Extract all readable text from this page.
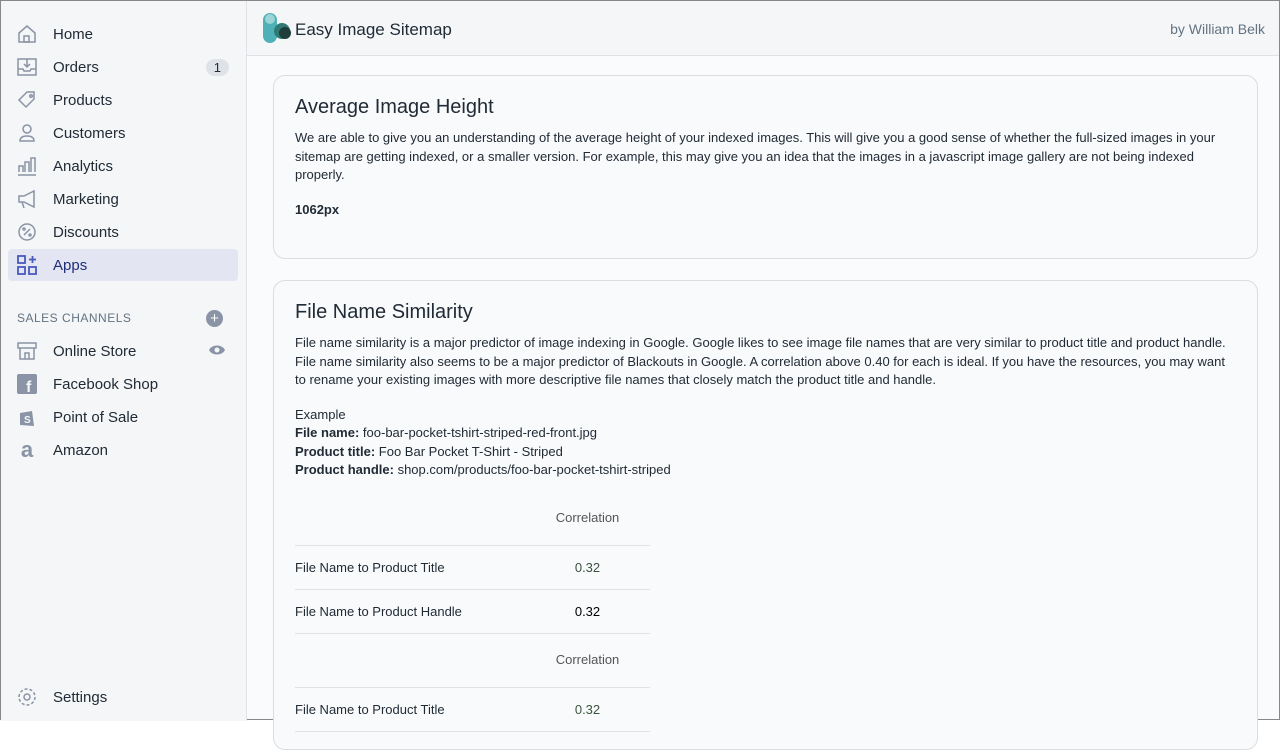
Home
Orders	1
Products
Customers
Analytics
Marketing
Discounts
Apps
SALES CHANNELS	+
Online Store
f Facebook Shop
S Point of Sale
a	Amazon
Settings
Easy Image Sitemap	by William Belk
Average Image Height

We are able to give you an understanding of the average height of your indexed images. This will give you a good sense of whether the full-sized images in your sitemap are getting indexed, or a smaller version. For example, this may give you an idea that the images in a javascript image gallery are not being indexed properly.

1062px

File Name Similarity

File name similarity is a major predictor of image indexing in Google. Google likes to see image file names that are very similar to product title and product handle. File name similarity also seems to be a major predictor of Blackouts in Google. A correlation above 0.40 for each is ideal. If you have the resources, you may want to rename your existing images with more descriptive file names that closely match the product title and handle.

Example

File name: foo-bar-pocket-tshirt-striped-red-front.jpg

Product title: Foo Bar Pocket T-Shirt - Striped

Product handle: shop.com/products/foo-bar-pocket-tshirt-striped

	Correlation
File Name to Product Title	0.32
File Name to Product Handle	0.32
	Correlation
File Name to Product Title	0.32
